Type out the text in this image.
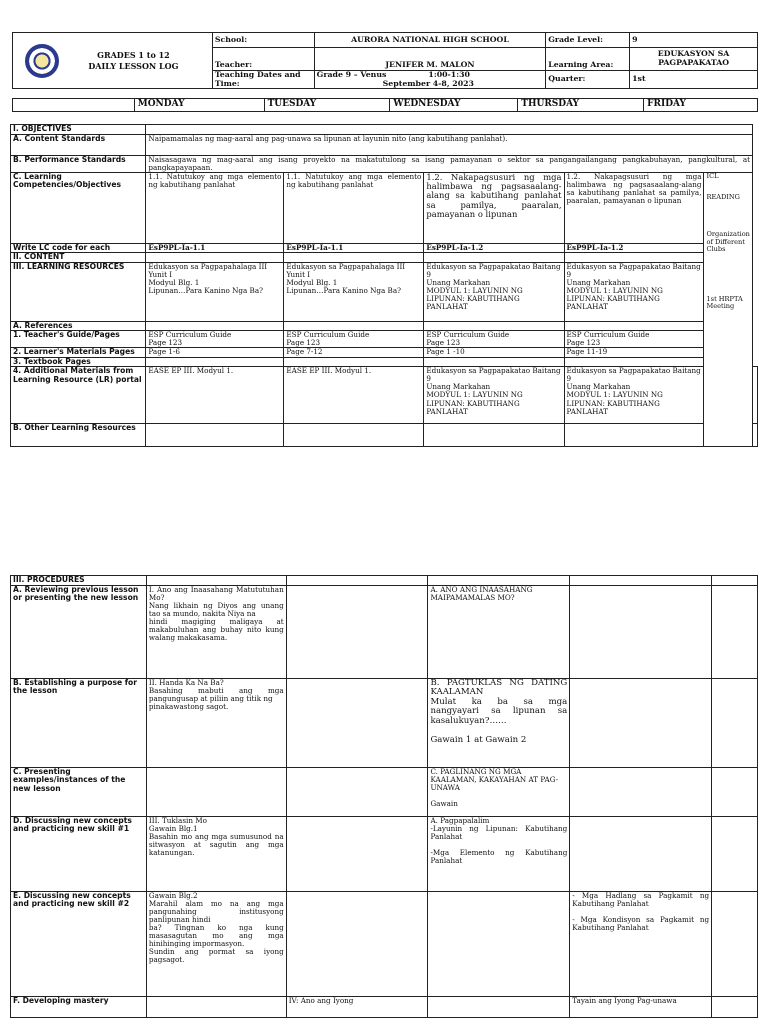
GRADES 1 to 12
DAILY LESSON LOG	School:	AURORA NATIONAL HIGH SCHOOL	Grade Level:	9
	Teacher:	JENIFER M. MALON	Learning Area:	EDUKASYON SA PAGPAPAKATAO
	Teaching Dates and Time:	Grade 9 – Venus 1:00-1:30
September 4-8, 2023	Quarter:	1st
	MONDAY	TUESDAY	WEDNESDAY	THURSDAY	FRIDAY
I. OBJECTIVES						
A. Content Standards	Naipamamalas ng mag-aaral ang pag-unawa sa lipunan at layunin nito (ang kabutihang panlahat).					
B. Performance Standards	Naisasagawa ng mag-aaral ang isang proyekto na makatutulong sa isang pamayanan o sektor sa pangangailangang pangkabuhayan, pangkultural, at pangkapayapaan.					
C. Learning Competencies/Objectives	1.1. Natutukoy ang mga elemento ng kabutihang panlahat	1.1. Natutukoy ang mga elemento ng kabutihang panlahat	1.2. Nakapagsusuri ng mga halimbawa ng pagsasaalang-alang sa kabutihang panlahat sa pamilya, paaralan, pamayanan o lipunan	1.2. Nakapagsusuri ng mga halimbawa ng pagsasaalang-alang sa kabutihang panlahat sa pamilya, paaralan, pamayanan o lipunan	ICL
READING
Organization of Different Clubs
1st HRPTA Meeting	

Write LC code for each	EsP9PL-Ia-1.1	EsP9PL-Ia-1.1	EsP9PL-Ia-1.2	EsP9PL-Ia-1.2		
II. CONTENT						
III. LEARNING RESOURCES	Edukasyon sa Pagpapahalaga III
Yunit I
Modyul Blg. 1
Lipunan…Para Kanino Nga Ba?	Edukasyon sa Pagpapahalaga III
Yunit I
Modyul Blg. 1
Lipunan…Para Kanino Nga Ba?	Edukasyon sa Pagpapakatao Baitang 9
Unang Markahan
MODYUL 1: LAYUNIN NG LIPUNAN: KABUTIHANG PANLAHAT	Edukasyon sa Pagpapakatao Baitang 9
Unang Markahan
MODYUL 1: LAYUNIN NG LIPUNAN: KABUTIHANG PANLAHAT		
A. References						
1. Teacher's Guide/Pages	ESP Curriculum Guide
Page 123	ESP Curriculum Guide
Page 123	ESP Curriculum Guide
Page 123	ESP Curriculum Guide
Page 123		
2. Learner's Materials Pages	Page 1-6	Page 7-12	Page 1 -10	Page 11-19		
3. Textbook Pages						
4. Additional Materials from Learning Resource (LR) portal	EASE EP III. Modyul 1.	EASE EP III. Modyul 1.	Edukasyon sa Pagpapakatao Baitang 9
Unang Markahan
MODYUL 1: LAYUNIN NG LIPUNAN: KABUTIHANG PANLAHAT	Edukasyon sa Pagpapakatao Baitang 9
Unang Markahan
MODYUL 1: LAYUNIN NG LIPUNAN: KABUTIHANG PANLAHAT		
B. Other Learning Resources						
III. PROCEDURES					
A. Reviewing previous lesson or presenting the new lesson	I. Ano ang Inaasahang Matututuhan Mo?
Nang likhain ng Diyos ang unang tao sa mundo, nakita Niya na
hindi magiging maligaya at makabuluhan ang buhay nito kung walang makakasama.		A. ANO ANG INAASAHANG MAIPAMAMALAS MO?		
B. Establishing a purpose for the lesson	II. Handa Ka Na Ba?
Basahing mabuti ang mga pangungusap at piliin ang titik ng
pinakawastong sagot.		B. PAGTUKLAS NG DATING KAALAMAN
Mulat ka ba sa mga nangyayari sa lipunan sa kasalukuyan?……

Gawain 1 at Gawain 2		
C. Presenting examples/instances of the new lesson			C. PAGLINANG NG MGA KAALAMAN, KAKAYAHAN AT PAG-UNAWA

Gawain		
D. Discussing new concepts and practicing new skill #1	III. Tuklasin Mo
Gawain Blg.1
Basahin mo ang mga sumusunod na sitwasyon at sagutin ang mga katanungan.		A. Pagpapalalim
-Layunin ng Lipunan: Kabutihang Panlahat

-Mga Elemento ng Kabutihang Panlahat		
E. Discussing new concepts and practicing new skill #2	Gawain Blg.2
Marahil alam mo na ang mga pangunahing institusyong panlipunan hindi
ba? Tingnan ko nga kung masasagutan mo ang mga hinihinging impormasyon.
Sundin ang pormat sa iyong pagsagot.			- Mga Hadlang sa Pagkamit ng Kabutihang Panlahat

- Mga Kondisyon sa Pagkamit ng Kabutihang Panlahat	
F. Developing mastery		IV: Ano ang Iyong		Tayain ang Iyong Pag-unawa	
